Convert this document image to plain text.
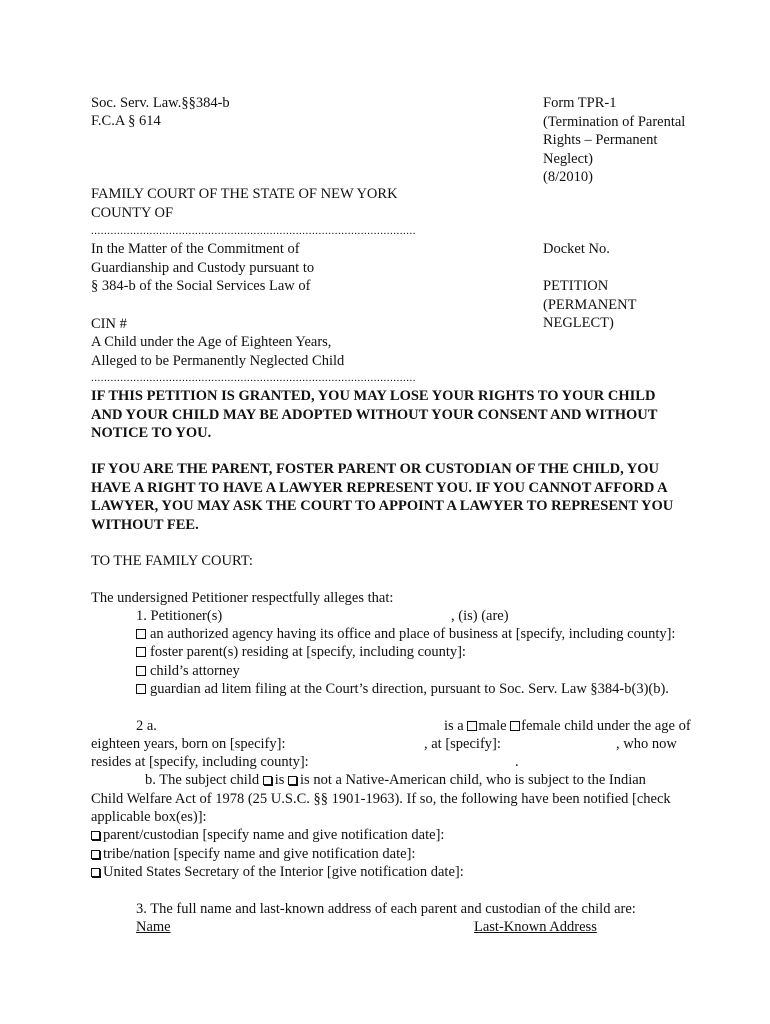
Soc. Serv. Law.§§384-b
F.C.A § 614
Form TPR-1
(Termination of Parental
Rights – Permanent
Neglect)
(8/2010)
FAMILY COURT OF THE STATE OF NEW YORK
COUNTY OF
....................................................................................................
In the Matter of the Commitment of
Guardianship and Custody pursuant to
§ 384-b of the Social Services Law of
CIN #
A Child under the Age of Eighteen Years,
Alleged to be Permanently Neglected Child
....................................................................................................
Docket No.
PETITION
(PERMANENT
NEGLECT)
IF THIS PETITION IS GRANTED, YOU MAY LOSE YOUR RIGHTS TO YOUR CHILD
AND YOUR CHILD MAY BE ADOPTED WITHOUT YOUR CONSENT AND WITHOUT
NOTICE TO YOU.
IF YOU ARE THE PARENT, FOSTER PARENT OR CUSTODIAN OF THE CHILD, YOU
HAVE A RIGHT TO HAVE A LAWYER REPRESENT YOU. IF YOU CANNOT AFFORD A
LAWYER, YOU MAY ASK THE COURT TO APPOINT A LAWYER TO REPRESENT YOU
WITHOUT FEE.
TO THE FAMILY COURT:
The undersigned Petitioner respectfully alleges that:
1. Petitioner(s)	, (is) (are)
an authorized agency having its office and place of business at [specify, including county]:
foster parent(s) residing at [specify, including county]:
child’s attorney
guardian ad litem filing at the Court’s direction, pursuant to Soc. Serv. Law §384-b(3)(b).
2 a.	is a male female child under the age of
eighteen years, born on [specify]:	, at [specify]:	, who now
resides at [specify, including county]:	.
b. The subject child is is not a Native-American child, who is subject to the Indian
Child Welfare Act of 1978 (25 U.S.C. §§ 1901-1963). If so, the following have been notified [check
applicable box(es)]:
parent/custodian [specify name and give notification date]:
tribe/nation [specify name and give notification date]:
United States Secretary of the Interior [give notification date]:
3. The full name and last-known address of each parent and custodian of the child are:
Name	Last-Known Address
